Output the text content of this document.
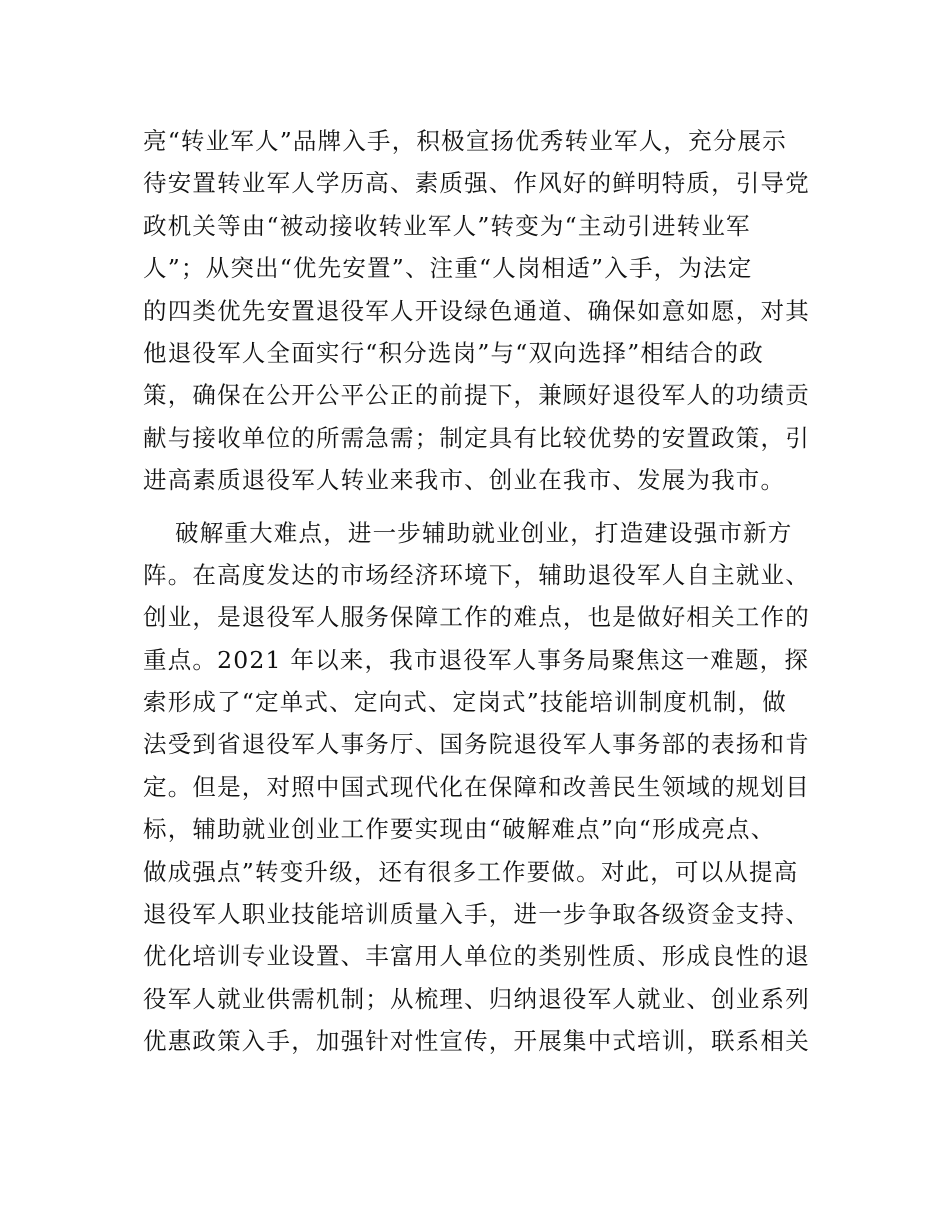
亮“转业军人”品牌入手，积极宣扬优秀转业军人，充分展示
待安置转业军人学历高、素质强、作风好的鲜明特质，引导党
政机关等由“被动接收转业军人”转变为“主动引进转业军
人”；从突出“优先安置”、注重“人岗相适”入手，为法定
的四类优先安置退役军人开设绿色通道、确保如意如愿，对其
他退役军人全面实行“积分选岗”与“双向选择”相结合的政
策，确保在公开公平公正的前提下，兼顾好退役军人的功绩贡
献与接收单位的所需急需；制定具有比较优势的安置政策，引
进高素质退役军人转业来我市、创业在我市、发展为我市。
破解重大难点，进一步辅助就业创业，打造建设强市新方
阵。在高度发达的市场经济环境下，辅助退役军人自主就业、
创业，是退役军人服务保障工作的难点，也是做好相关工作的
重点。2021 年以来，我市退役军人事务局聚焦这一难题，探
索形成了“定单式、定向式、定岗式”技能培训制度机制，做
法受到省退役军人事务厅、国务院退役军人事务部的表扬和肯
定。但是，对照中国式现代化在保障和改善民生领域的规划目
标，辅助就业创业工作要实现由“破解难点”向“形成亮点、
做成强点”转变升级，还有很多工作要做。对此，可以从提高
退役军人职业技能培训质量入手，进一步争取各级资金支持、
优化培训专业设置、丰富用人单位的类别性质、形成良性的退
役军人就业供需机制；从梳理、归纳退役军人就业、创业系列
优惠政策入手，加强针对性宣传，开展集中式培训，联系相关
